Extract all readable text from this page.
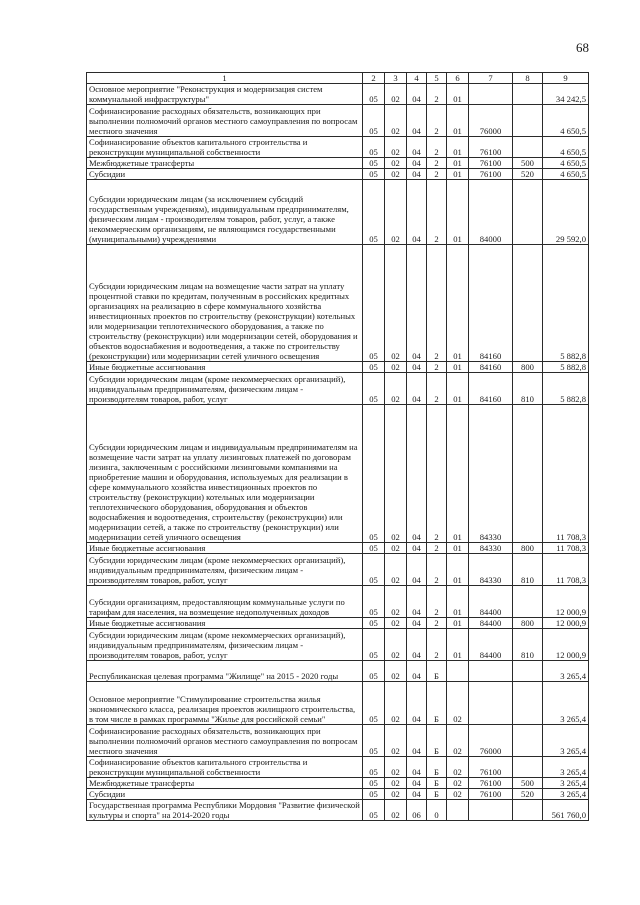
68
1	2	3	4	5	6	7	8	9
Основное мероприятие "Реконструкция и модернизация систем коммунальной инфраструктуры"	05	02	04	2	01			34 242,5
Софинансирование расходных обязательств, возникающих при выполнении полномочий органов местного самоуправления по вопросам местного значения	05	02	04	2	01	76000		4 650,5
Софинансирование объектов капитального строительства и реконструкции муниципальной собственности	05	02	04	2	01	76100		4 650,5
Межбюджетные трансферты	05	02	04	2	01	76100	500	4 650,5
Субсидии	05	02	04	2	01	76100	520	4 650,5
Субсидии юридическим лицам (за исключением субсидий государственным учреждениям), индивидуальным предпринимателям, физическим лицам - производителям товаров, работ, услуг, а также некоммерческим организациям, не являющимся государственными (муниципальными) учреждениями	05	02	04	2	01	84000		29 592,0
Субсидии юридическим лицам на возмещение части затрат на уплату процентной ставки по кредитам, полученным в российских кредитных организациях на реализацию в сфере коммунального хозяйства инвестиционных проектов по строительству (реконструкции) котельных или модернизации теплотехнического оборудования, а также по строительству (реконструкции) или модернизации сетей, оборудования и объектов водоснабжения и водоотведения, а также по строительству (реконструкции) или модернизации сетей уличного освещения	05	02	04	2	01	84160		5 882,8
Иные бюджетные ассигнования	05	02	04	2	01	84160	800	5 882,8
Субсидии юридическим лицам (кроме некоммерческих организаций), индивидуальным предпринимателям, физическим лицам - производителям товаров, работ, услуг	05	02	04	2	01	84160	810	5 882,8
Субсидии юридическим лицам и индивидуальным предпринимателям на возмещение части затрат на уплату лизинговых платежей по договорам лизинга, заключенным с российскими лизинговыми компаниями на приобретение машин и оборудования, используемых для реализации в сфере коммунального хозяйства инвестиционных проектов по строительству (реконструкции) котельных или модернизации теплотехнического оборудования, оборудования и объектов водоснабжения и водоотведения, строительству (реконструкции) или модернизации сетей, а также по строительству (реконструкции) или модернизации сетей уличного освещения	05	02	04	2	01	84330		11 708,3
Иные бюджетные ассигнования	05	02	04	2	01	84330	800	11 708,3
Субсидии юридическим лицам (кроме некоммерческих организаций), индивидуальным предпринимателям, физическим лицам - производителям товаров, работ, услуг	05	02	04	2	01	84330	810	11 708,3
Субсидии организациям, предоставляющим коммунальные услуги по тарифам для населения, на возмещение недополученных доходов	05	02	04	2	01	84400		12 000,9
Иные бюджетные ассигнования	05	02	04	2	01	84400	800	12 000,9
Субсидии юридическим лицам (кроме некоммерческих организаций), индивидуальным предпринимателям, физическим лицам - производителям товаров, работ, услуг	05	02	04	2	01	84400	810	12 000,9
Республиканская целевая программа "Жилище" на 2015 - 2020 годы	05	02	04	Б				3 265,4
Основное мероприятие "Стимулирование строительства жилья экономического класса, реализация проектов жилищного строительства, в том числе в рамках программы "Жилье для российской семьи"	05	02	04	Б	02			3 265,4
Софинансирование расходных обязательств, возникающих при выполнении полномочий органов местного самоуправления по вопросам местного значения	05	02	04	Б	02	76000		3 265,4
Софинансирование объектов капитального строительства и реконструкции муниципальной собственности	05	02	04	Б	02	76100		3 265,4
Межбюджетные трансферты	05	02	04	Б	02	76100	500	3 265,4
Субсидии	05	02	04	Б	02	76100	520	3 265,4
Государственная программа Республики Мордовия "Развитие физической культуры и спорта" на 2014-2020 годы	05	02	06	0				561 760,0
